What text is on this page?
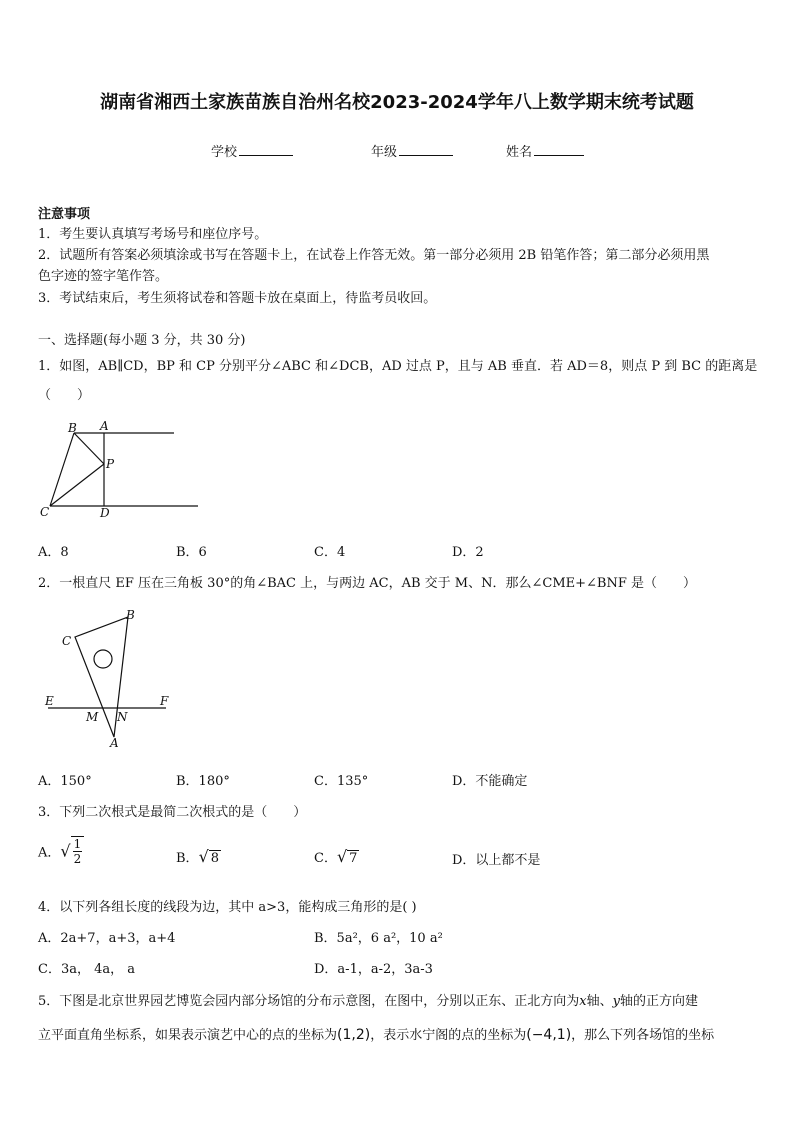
湖南省湘西土家族苗族自治州名校2023-2024学年八上数学期末统考试题
学校	年级	姓名
注意事项
1．考生要认真填写考场号和座位序号。
2．试题所有答案必须填涂或书写在答题卡上，在试卷上作答无效。第一部分必须用 2B 铅笔作答；第二部分必须用黑
色字迹的签字笔作答。
3．考试结束后，考生须将试卷和答题卡放在桌面上，待监考员收回。
一、选择题(每小题 3 分，共 30 分)
1．如图，AB∥CD，BP 和 CP 分别平分∠ABC 和∠DCB，AD 过点 P，且与 AB 垂直．若 AD＝8，则点 P 到 BC 的距离是
（　　）
B A
P
C	D
A．8	B．6	C．4	D．2
2．一根直尺 EF 压在三角板 30°的角∠BAC 上，与两边 AC，AB 交于 M、N．那么∠CME+∠BNF 是（　　）
B
C
E	F
M N
A
A．150°	B．180°	C．135°	D．不能确定
3．下列二次根式是最简二次根式的是（　　）
A．√ $\frac{1}{2}$	B．√ 8	C．√ 7	D．以上都不是
4．以下列各组长度的线段为边，其中 a>3，能构成三角形的是( )
A．2a+7，a+3，a+4	B．5a²，6 a²，10 a²
C．3a， 4a， a	D．a-1，a-2，3a-3
5．下图是北京世界园艺博览会园内部分场馆的分布示意图，在图中，分别以正东、正北方向为x轴、y轴的正方向建
立平面直角坐标系，如果表示演艺中心的点的坐标为(1,2)，表示水宁阁的点的坐标为(−4,1)，那么下列各场馆的坐标
